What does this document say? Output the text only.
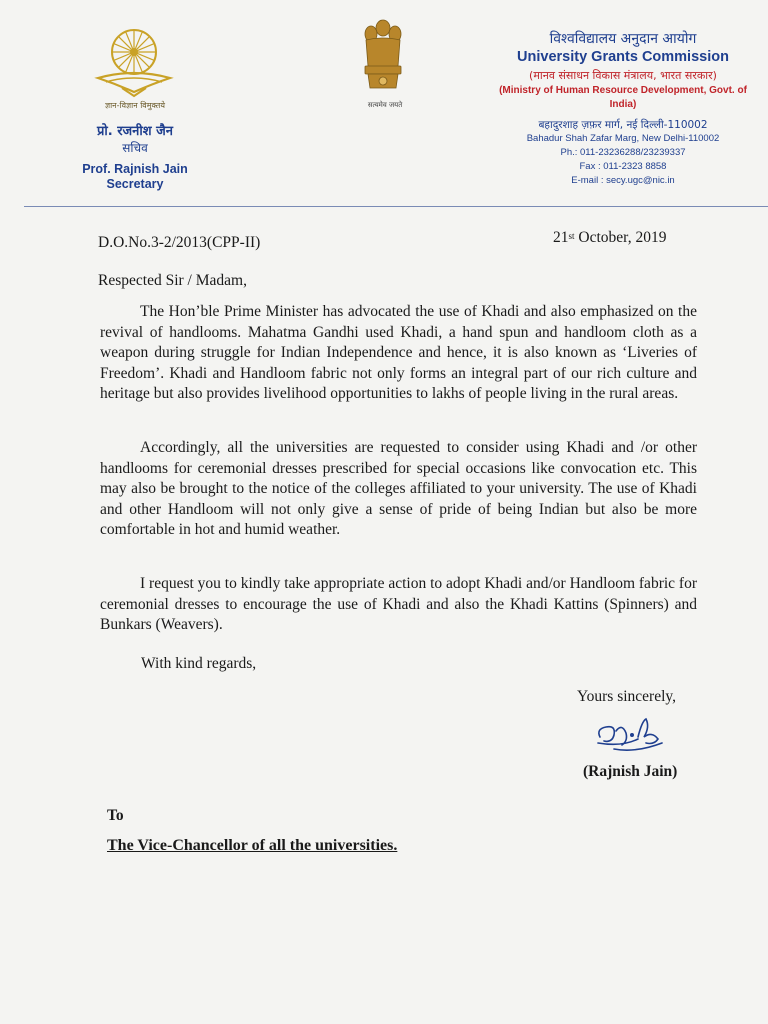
ज्ञान-विज्ञान विमुक्तये	सत्यमेव जयते
प्रो. रजनीश जैन
सचिव
Prof. Rajnish Jain
Secretary
विश्वविद्यालय अनुदान आयोग
University Grants Commission
(मानव संसाधन विकास मंत्रालय, भारत सरकार)
(Ministry of Human Resource Development, Govt. of India)
बहादुरशाह ज़फ़र मार्ग, नई दिल्ली-110002
Bahadur Shah Zafar Marg, New Delhi-110002
Ph.: 011-23236288/23239337
Fax : 011-2323 8858
E-mail : secy.ugc@nic.in
D.O.No.3-2/2013(CPP-II)	21st October, 2019
Respected Sir / Madam,

The Hon’ble Prime Minister has advocated the use of Khadi and also emphasized on the revival of handlooms. Mahatma Gandhi used Khadi, a hand spun and handloom cloth as a weapon during struggle for Indian Independence and hence, it is also known as ‘Liveries of Freedom’. Khadi and Handloom fabric not only forms an integral part of our rich culture and heritage but also provides livelihood opportunities to lakhs of people living in the rural areas.

Accordingly, all the universities are requested to consider using Khadi and /or other handlooms for ceremonial dresses prescribed for special occasions like convocation etc. This may also be brought to the notice of the colleges affiliated to your university. The use of Khadi and other Handloom will not only give a sense of pride of being Indian but also be more comfortable in hot and humid weather.

I request you to kindly take appropriate action to adopt Khadi and/or Handloom fabric for ceremonial dresses to encourage the use of Khadi and also the Khadi Kattins (Spinners) and Bunkars (Weavers).

With kind regards,
Yours sincerely,
(Rajnish Jain)
To
The Vice-Chancellor of all the universities.
